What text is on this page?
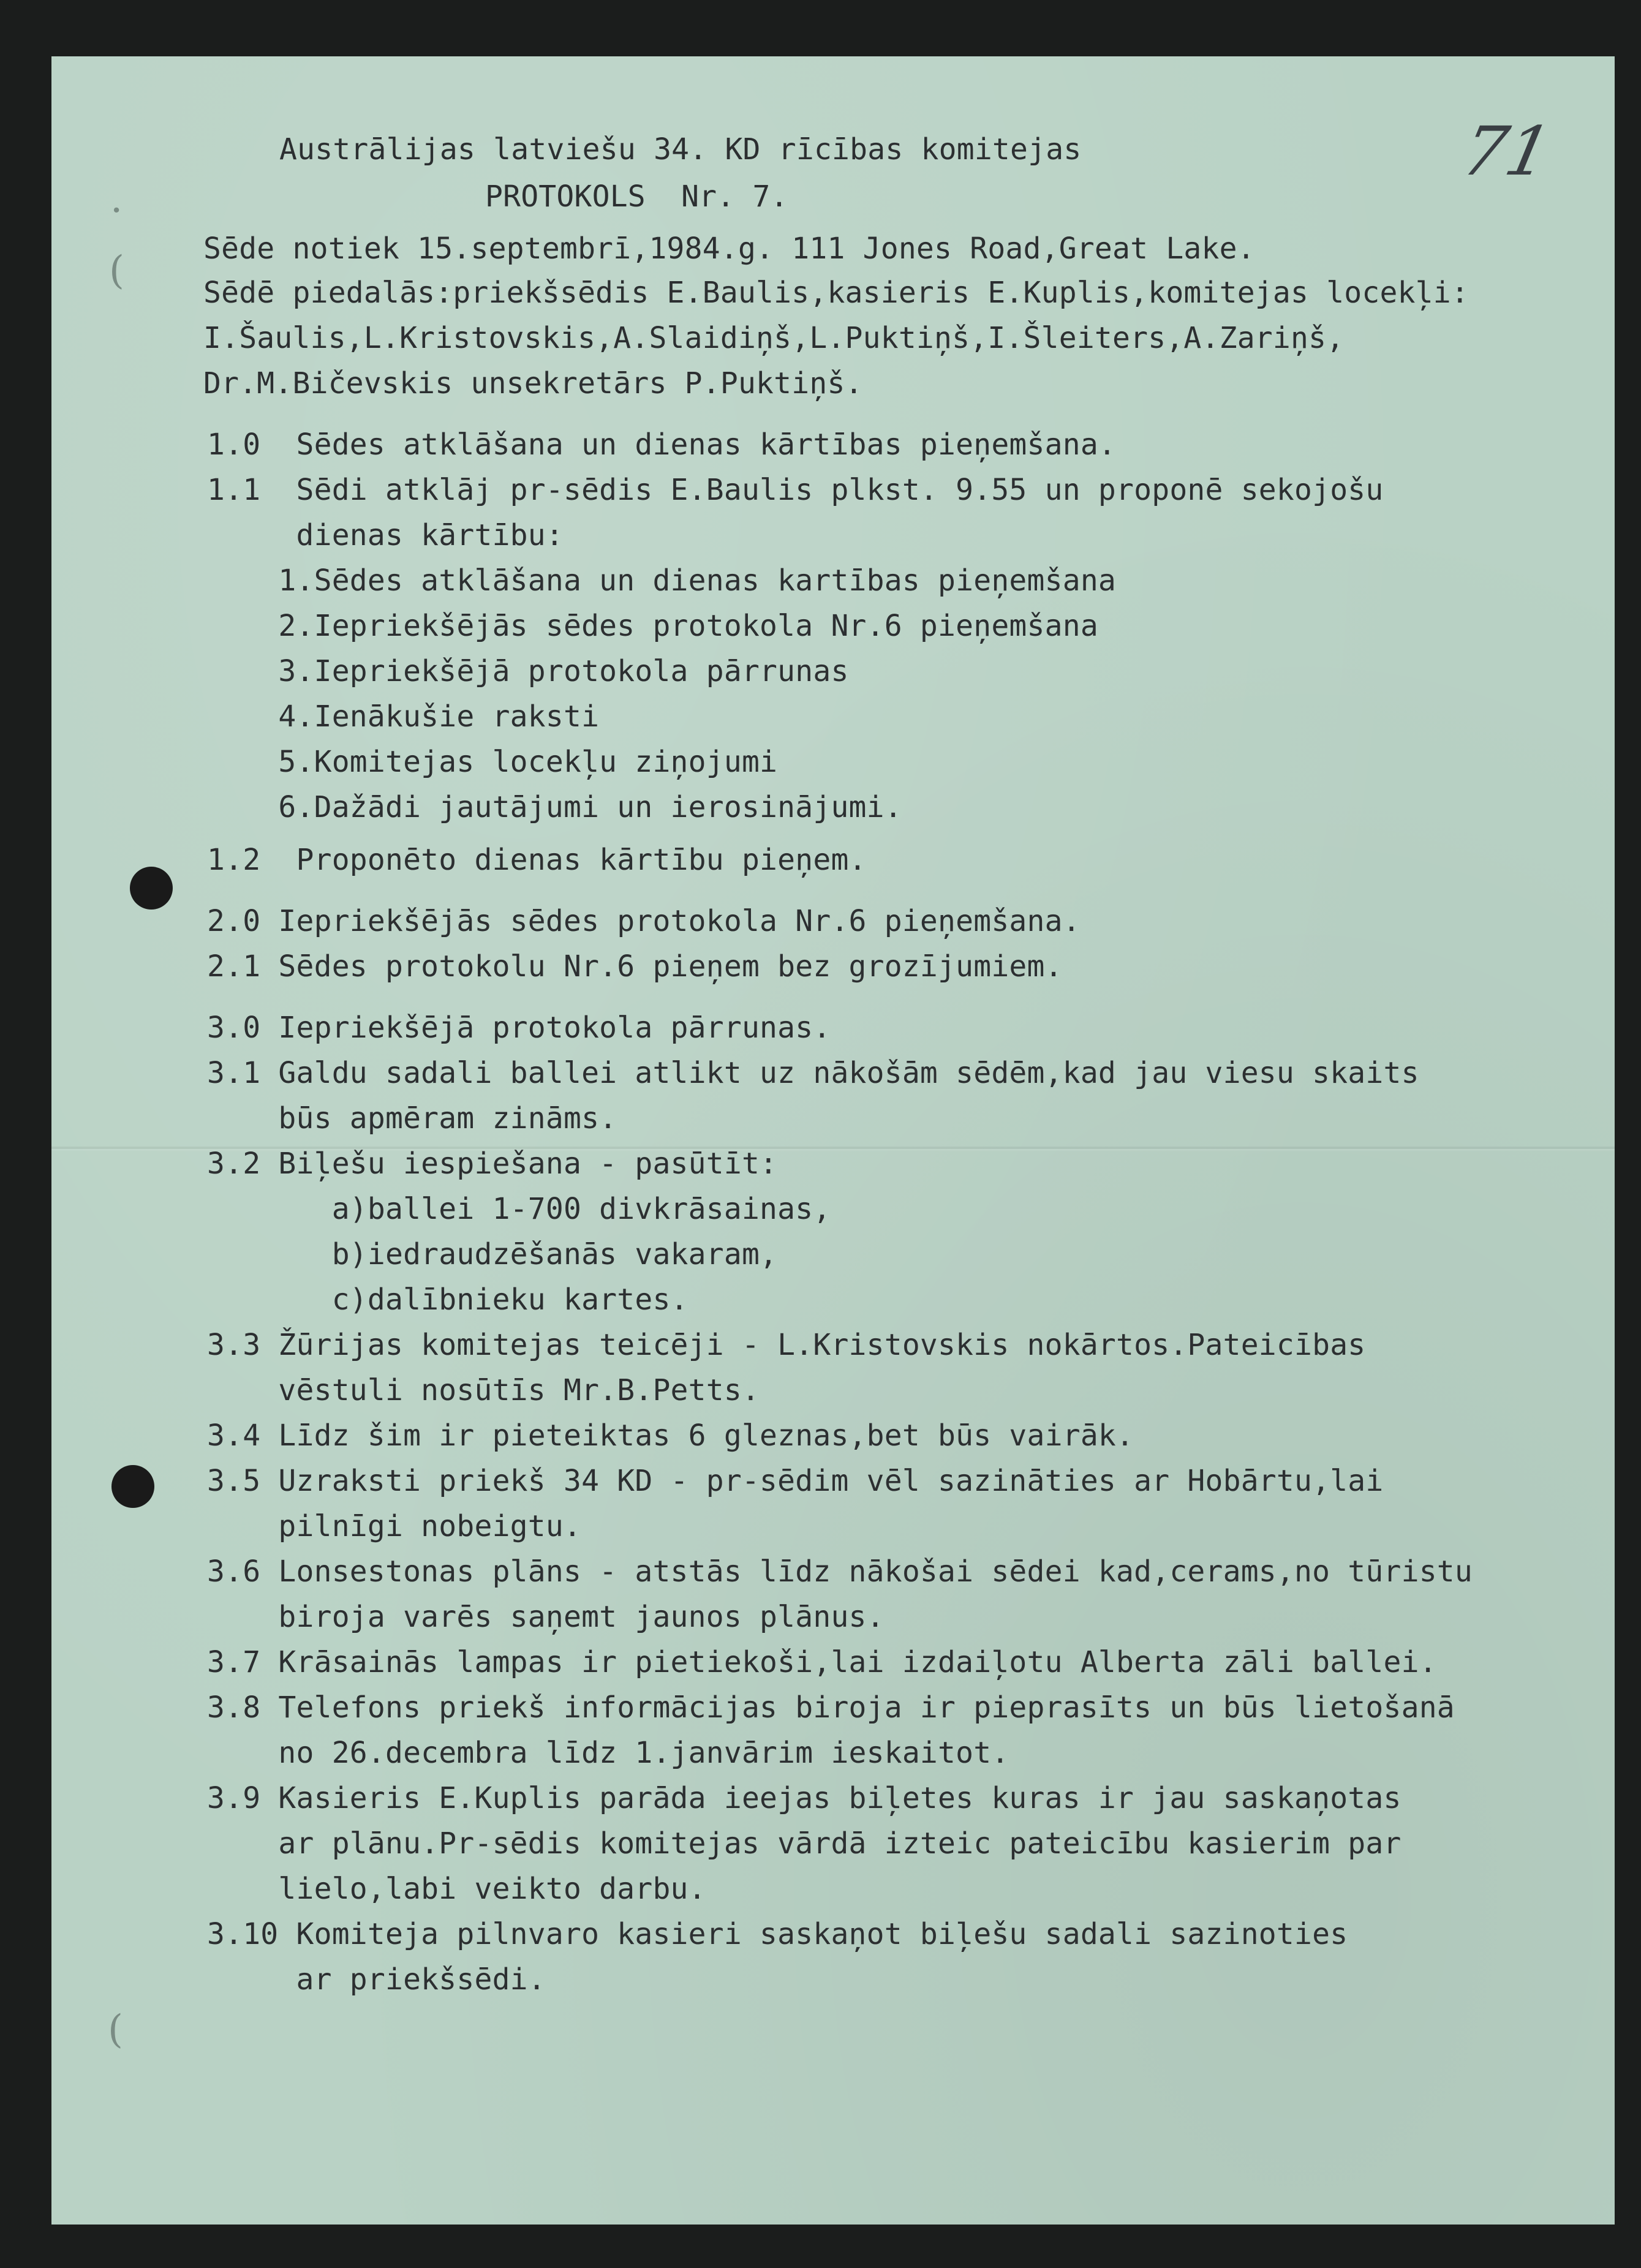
·
(
(
71
Austrālijas latviešu 34. KD rīcības komitejas
PROTOKOLS  Nr. 7.
Sēde notiek 15.septembrī,1984.g. 111 Jones Road,Great Lake.
Sēdē piedalās:priekšsēdis E.Baulis,kasieris E.Kuplis,komitejas locekļi:
I.Šaulis,L.Kristovskis,A.Slaidiņš,L.Puktiņš,I.Šleiters,A.Zariņš,
Dr.M.Bičevskis unsekretārs P.Puktiņš.
1.0  Sēdes atklāšana un dienas kārtības pieņemšana.
1.1  Sēdi atklāj pr-sēdis E.Baulis plkst. 9.55 un proponē sekojošu
dienas kārtību:
1.Sēdes atklāšana un dienas kartības pieņemšana
2.Iepriekšējās sēdes protokola Nr.6 pieņemšana
3.Iepriekšējā protokola pārrunas
4.Ienākušie raksti
5.Komitejas locekļu ziņojumi
6.Dažādi jautājumi un ierosinājumi.
1.2  Proponēto dienas kārtību pieņem.
2.0 Iepriekšējās sēdes protokola Nr.6 pieņemšana.
2.1 Sēdes protokolu Nr.6 pieņem bez grozījumiem.
3.0 Iepriekšējā protokola pārrunas.
3.1 Galdu sadali ballei atlikt uz nākošām sēdēm,kad jau viesu skaits
būs apmēram zināms.
3.2 Biļešu iespiešana - pasūtīt:
a)ballei 1-700 divkrāsainas,
b)iedraudzēšanās vakaram,
c)dalībnieku kartes.
3.3 Žūrijas komitejas teicēji - L.Kristovskis nokārtos.Pateicības
vēstuli nosūtīs Mr.B.Petts.
3.4 Līdz šim ir pieteiktas 6 gleznas,bet būs vairāk.
3.5 Uzraksti priekš 34 KD - pr-sēdim vēl sazināties ar Hobārtu,lai
pilnīgi nobeigtu.
3.6 Lonsestonas plāns - atstās līdz nākošai sēdei kad,cerams,no tūristu
biroja varēs saņemt jaunos plānus.
3.7 Krāsainās lampas ir pietiekoši,lai izdaiļotu Alberta zāli ballei.
3.8 Telefons priekš informācijas biroja ir pieprasīts un būs lietošanā
no 26.decembra līdz 1.janvārim ieskaitot.
3.9 Kasieris E.Kuplis parāda ieejas biļetes kuras ir jau saskaņotas
ar plānu.Pr-sēdis komitejas vārdā izteic pateicību kasierim par
lielo,labi veikto darbu.
3.10 Komiteja pilnvaro kasieri saskaņot biļešu sadali sazinoties
ar priekšsēdi.
